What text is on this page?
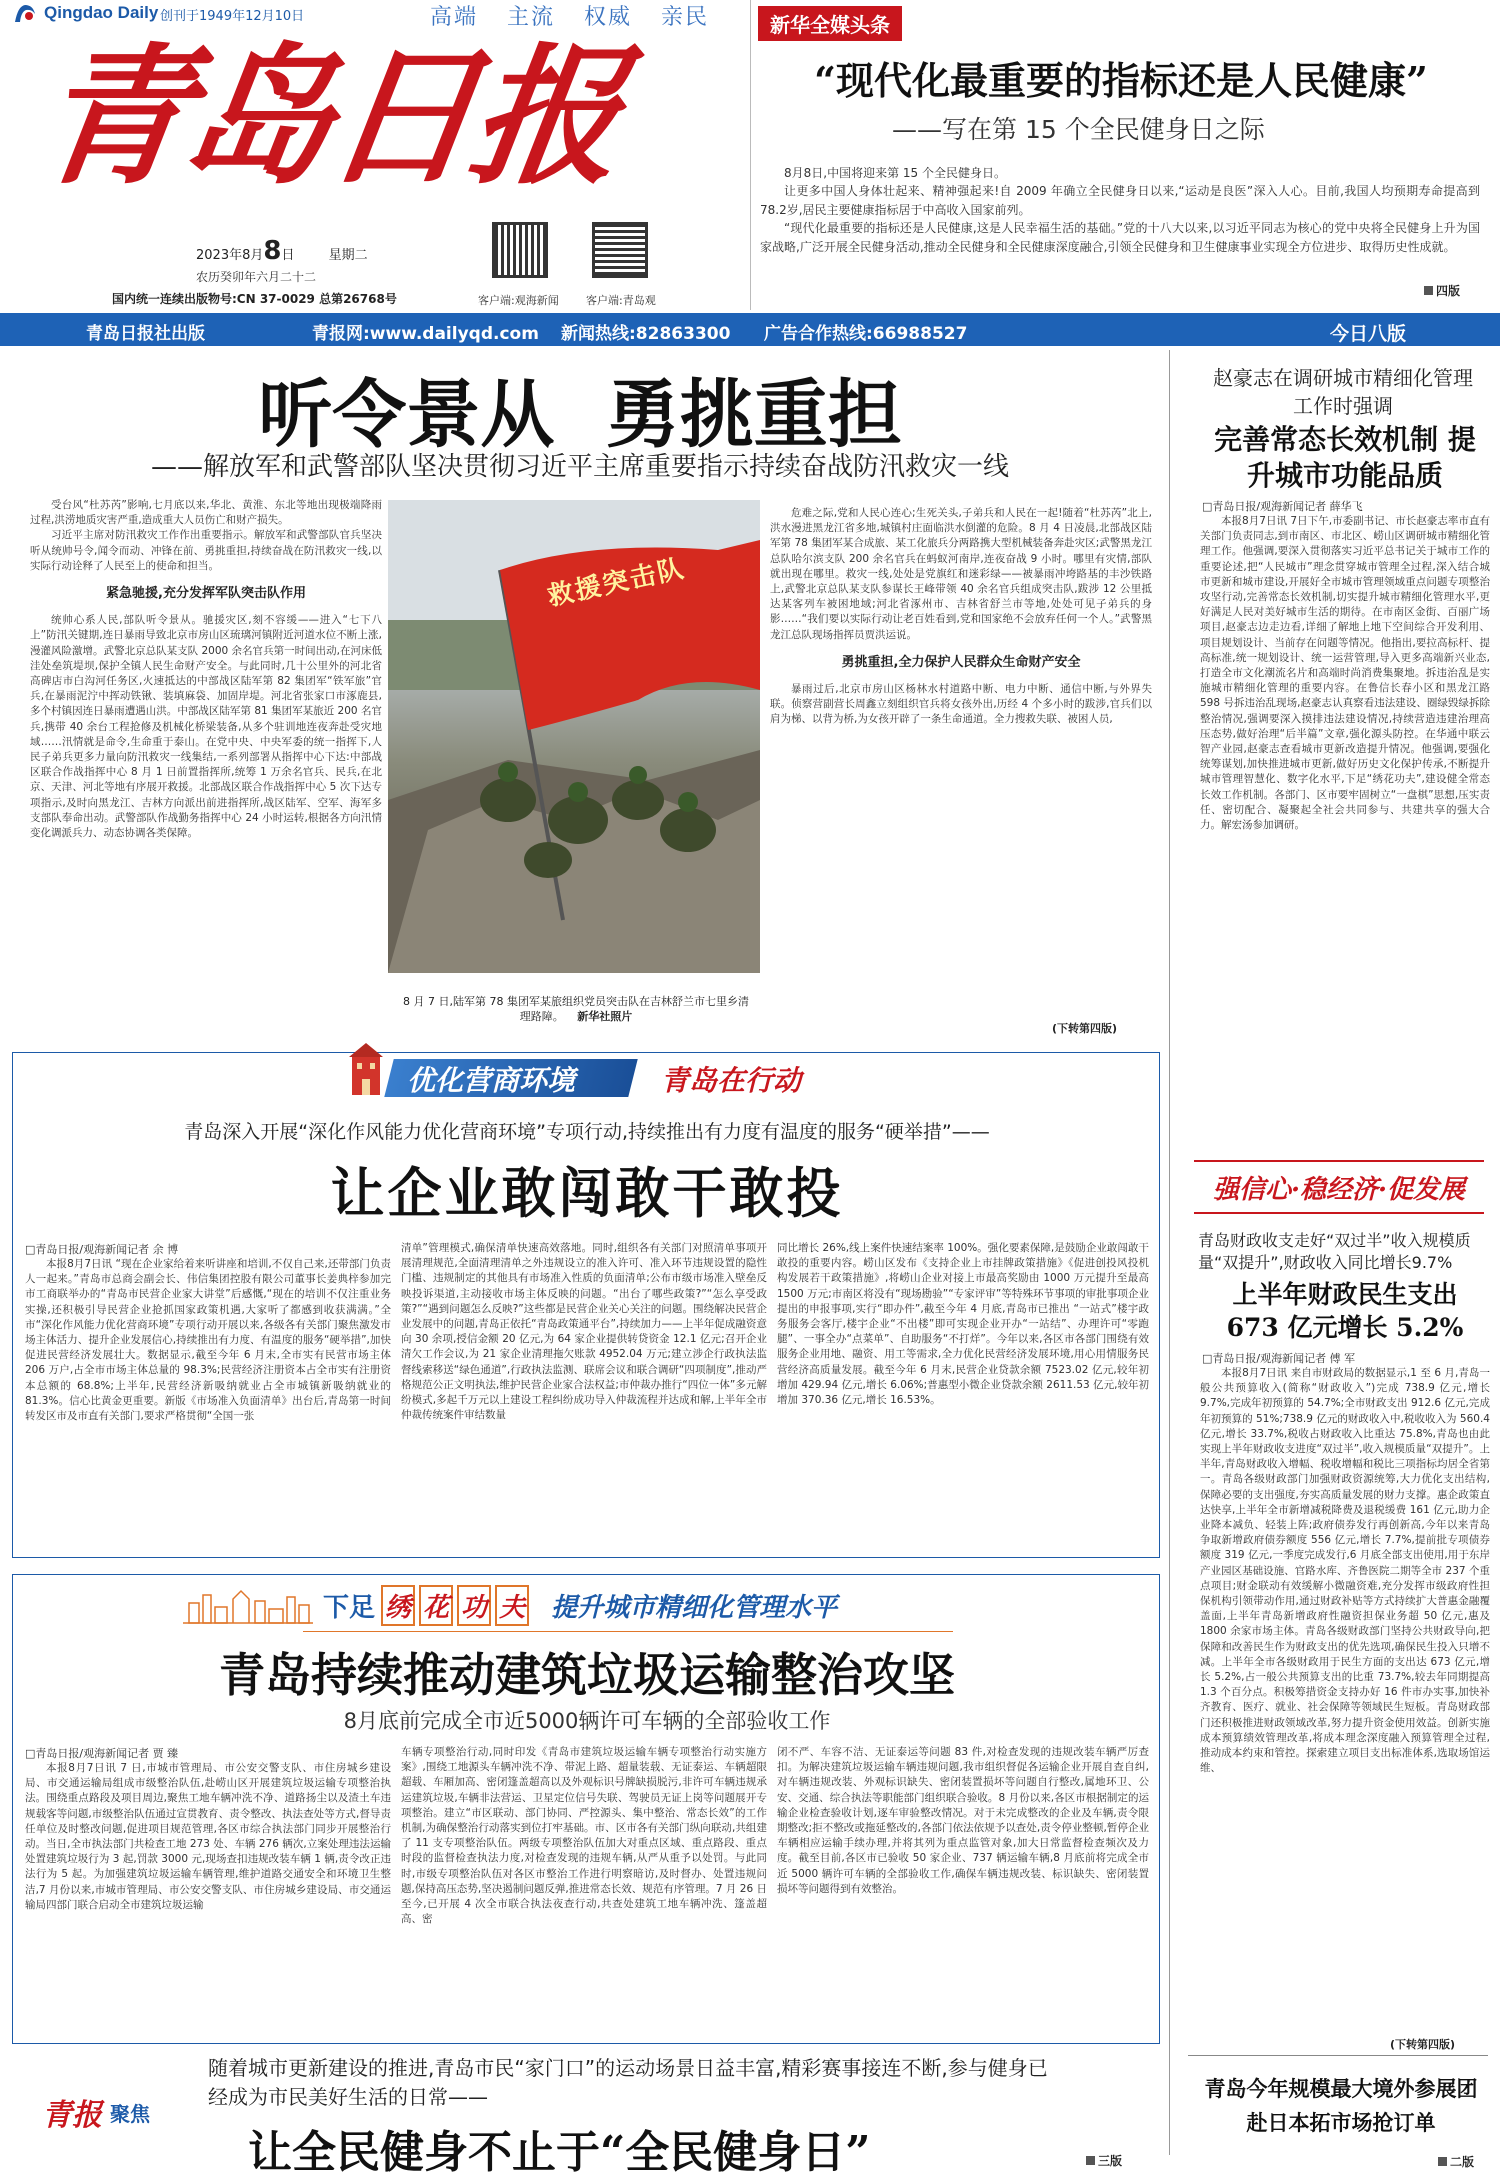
Qingdao Daily 创刊于1949年12月10日	高端 主流 权威 亲民
青岛日报
2023年8月8日	星期二
农历癸卯年六月二十二
国内统一连续出版物号:CN 37-0029 总第26768号	客户端:观海新闻 客户端:青岛观
新华全媒头条
“现代化最重要的指标还是人民健康”
——写在第 15 个全民健身日之际

8月8日,中国将迎来第 15 个全民健身日。

让更多中国人身体壮起来、精神强起来!自 2009 年确立全民健身日以来,“运动是良医”深入人心。目前,我国人均预期寿命提高到78.2岁,居民主要健康指标居于中高收入国家前列。

“现代化最重要的指标还是人民健康,这是人民幸福生活的基础。”党的十八大以来,以习近平同志为核心的党中央将全民健身上升为国家战略,广泛开展全民健身活动,推动全民健身和全民健康深度融合,引领全民健身和卫生健康事业实现全方位进步、取得历史性成就。

四版
青岛日报社出版	青报网:www.dailyqd.com 新闻热线:82863300 广告合作热线:66988527	今日八版
听令景从  勇挑重担
——解放军和武警部队坚决贯彻习近平主席重要指示持续奋战防汛救灾一线

受台风“杜苏芮”影响,七月底以来,华北、黄淮、东北等地出现极端降雨过程,洪涝地质灾害严重,造成重大人员伤亡和财产损失。

习近平主席对防汛救灾工作作出重要指示。解放军和武警部队官兵坚决听从统帅号令,闻令而动、冲锋在前、勇挑重担,持续奋战在防汛救灾一线,以实际行动诠释了人民至上的使命和担当。

紧急驰援,充分发挥军队突击队作用

统帅心系人民,部队听令景从。驰援灾区,刻不容缓——进入“七下八上”防汛关键期,连日暴雨导致北京市房山区琉璃河镇附近河道水位不断上涨,漫灌风险激增。武警北京总队某支队 2000 余名官兵第一时间出动,在河床低洼处垒筑堤坝,保护全镇人民生命财产安全。与此同时,几十公里外的河北省高碑店市白沟河任务区,火速抵达的中部战区陆军第 82 集团军“铁军旅”官兵,在暴雨泥泞中挥动铁锹、装填麻袋、加固岸堤。河北省张家口市涿鹿县,多个村镇因连日暴雨遭遇山洪。中部战区陆军第 81 集团军某旅近 200 名官兵,携带 40 余台工程抢修及机械化桥梁装备,从多个驻训地连夜奔赴受灾地域……汛情就是命令,生命重于泰山。在党中央、中央军委的统一指挥下,人民子弟兵更多力量向防汛救灾一线集结,一系列部署从指挥中心下达:中部战区联合作战指挥中心 8 月 1 日前置指挥所,统筹 1 万余名官兵、民兵,在北京、天津、河北等地有序展开救援。北部战区联合作战指挥中心 5 次下达专项指示,及时向黑龙江、吉林方向派出前进指挥所,战区陆军、空军、海军多支部队奉命出动。武警部队作战勤务指挥中心 24 小时运转,根据各方向汛情变化调派兵力、动态协调各类保障。

救援突击队
8 月 7 日,陆军第 78 集团军某旅组织党员突击队在吉林舒兰市七里乡清理路障。 新华社照片

危难之际,党和人民心连心;生死关头,子弟兵和人民在一起!随着“杜苏芮”北上,洪水漫进黑龙江省多地,城镇村庄面临洪水倒灌的危险。8 月 4 日凌晨,北部战区陆军第 78 集团军某合成旅、某工化旅兵分两路携大型机械装备奔赴灾区;武警黑龙江总队哈尔滨支队 200 余名官兵在蚂蚁河南岸,连夜奋战 9 小时。哪里有灾情,部队就出现在哪里。救灾一线,处处是党旗红和迷彩绿——被暴雨冲垮路基的丰沙铁路上,武警北京总队某支队参谋长王峰带领 40 余名官兵组成突击队,跋涉 12 公里抵达某客列车被困地域;河北省涿州市、吉林省舒兰市等地,处处可见子弟兵的身影……“我们要以实际行动让老百姓看到,党和国家绝不会放弃任何一个人。”武警黑龙江总队现场指挥员贾洪运说。

勇挑重担,全力保护人民群众生命财产安全

暴雨过后,北京市房山区杨林水村道路中断、电力中断、通信中断,与外界失联。侦察营副营长周鑫立刻组织官兵将女孩外出,历经 4 个多小时的跋涉,官兵们以肩为梯、以背为桥,为女孩开辟了一条生命通道。全力搜救失联、被困人员,

(下转第四版)
赵豪志在调研城市精细化管理工作时强调
完善常态长效机制 提升城市功能品质
□青岛日报/观海新闻记者 薛华飞
本报8月7日讯 7日下午,市委副书记、市长赵豪志率市直有关部门负责同志,到市南区、市北区、崂山区调研城市精细化管理工作。他强调,要深入贯彻落实习近平总书记关于城市工作的重要论述,把“人民城市”理念贯穿城市管理全过程,深入结合城市更新和城市建设,开展好全市城市管理领域重点问题专项整治攻坚行动,完善常态长效机制,切实提升城市精细化管理水平,更好满足人民对美好城市生活的期待。在市南区金街、百丽广场项目,赵豪志边走边看,详细了解地上地下空间综合开发利用、项目规划设计、当前存在问题等情况。他指出,要拉高标杆、提高标准,统一规划设计、统一运营管理,导入更多高端新兴业态,打造全市文化潮流名片和高端时尚消费集聚地。拆违治乱是实施城市精细化管理的重要内容。在鲁信长春小区和黑龙江路 598 号拆违治乱现场,赵豪志认真察看违法建设、圈绿毁绿拆除整治情况,强调要深入摸排违法建设情况,持续营造违建治理高压态势,做好治理“后半篇”文章,强化源头防控。在华通中联云智产业园,赵豪志查看城市更新改造提升情况。他强调,要强化统筹谋划,加快推进城市更新,做好历史文化保护传承,不断提升城市管理智慧化、数字化水平,下足“绣花功夫”,建设健全常态长效工作机制。各部门、区市要牢固树立“一盘棋”思想,压实责任、密切配合、凝聚起全社会共同参与、共建共享的强大合力。解宏汤参加调研。
强信心·稳经济·促发展
青岛财政收支走好“双过半”收入规模质量“双提升”,财政收入同比增长9.7%
上半年财政民生支出 673 亿元增长 5.2%
□青岛日报/观海新闻记者 傅 军
本报8月7日讯 来自市财政局的数据显示,1 至 6 月,青岛一般公共预算收入(简称“财政收入”)完成 738.9 亿元,增长 9.7%,完成年初预算的 54.7%;全市财政支出 912.6 亿元,完成年初预算的 51%;738.9 亿元的财政收入中,税收收入为 560.4 亿元,增长 33.7%,税收占财政收入比重达 75.8%,青岛也由此实现上半年财政收支进度“双过半”,收入规模质量“双提升”。上半年,青岛财政收入增幅、税收增幅和税比三项指标均居全省第一。青岛各级财政部门加强财政资源统筹,大力优化支出结构,保障必要的支出强度,夯实高质量发展的财力支撑。惠企政策直达快享,上半年全市新增减税降费及退税缓费 161 亿元,助力企业降本减负、轻装上阵;政府债券发行再创新高,今年以来青岛争取新增政府债券额度 556 亿元,增长 7.7%,提前批专项债券额度 319 亿元,一季度完成发行,6 月底全部支出使用,用于东岸产业园区基础设施、官路水库、齐鲁医院二期等全市 237 个重点项目;财金联动有效缓解小微融资难,充分发挥市级政府性担保机构引领带动作用,通过财政补贴等方式持续扩大普惠金融覆盖面,上半年青岛新增政府性融资担保业务超 50 亿元,惠及 1800 余家市场主体。青岛各级财政部门坚持公共财政导向,把保障和改善民生作为财政支出的优先选项,确保民生投入只增不减。上半年全市各级财政用于民生方面的支出达 673 亿元,增长 5.2%,占一般公共预算支出的比重 73.7%,较去年同期提高 1.3 个百分点。积极筹措资金支持办好 16 件市办实事,加快补齐教育、医疗、就业、社会保障等领域民生短板。青岛财政部门还积极推进财政领域改革,努力提升资金使用效益。创新实施成本预算绩效管理改革,将成本理念深度融入预算管理全过程,推动成本约束和管控。探索建立项目支出标准体系,选取场馆运维、
(下转第四版)
青岛今年规模最大境外参展团赴日本拓市场抢订单
二版
优化营商环境	青岛在行动
青岛深入开展“深化作风能力优化营商环境”专项行动,持续推出有力度有温度的服务“硬举措”——
让企业敢闯敢干敢投
□青岛日报/观海新闻记者 余 博
本报8月7日讯 “现在企业家给着来听讲座和培训,不仅自己来,还带部门负责人一起来。”青岛市总商会副会长、伟信集团控股有限公司董事长姜典梓参加完市工商联举办的“青岛市民营企业家大讲堂”后感慨,“现在的培训不仅注重业务实操,还积极引导民营企业抢抓国家政策机遇,大家听了都感到收获满满。”全市“深化作风能力优化营商环境”专项行动开展以来,各级各有关部门聚焦激发市场主体活力、提升企业发展信心,持续推出有力度、有温度的服务“硬举措”,加快促进民营经济发展壮大。数据显示,截至今年 6 月末,全市实有民营市场主体 206 万户,占全市市场主体总量的 98.3%;民营经济注册资本占全市实有注册资本总额的 68.8%;上半年,民营经济新吸纳就业占全市城镇新吸纳就业的 81.3%。信心比黄金更重要。新版《市场准入负面清单》出台后,青岛第一时间转发区市及市直有关部门,要求严格贯彻“全国一张
清单”管理模式,确保清单快速高效落地。同时,组织各有关部门对照清单事项开展清理规范,全面清理清单之外违规设立的准入许可、准入环节违规设置的隐性门槛、违规制定的其他具有市场准入性质的负面清单;公布市级市场准入壁垒反映投诉渠道,主动接收市场主体反映的问题。“出台了哪些政策?”“怎么享受政策?”“遇到问题怎么反映?”这些都是民营企业关心关注的问题。围绕解决民营企业发展中的问题,青岛正依托“青岛政策通平台”,持续加力——上半年促成融资意向 30 余项,授信金额 20 亿元,为 64 家企业提供转贷资金 12.1 亿元;召开企业清欠工作会议,为 21 家企业清理拖欠账款 4952.04 万元;建立涉企行政执法监督线索移送“绿色通道”,行政执法监测、联席会议和联合调研“四项制度”,推动严格规范公正文明执法,维护民营企业家合法权益;市仲裁办推行“四位一体”多元解纷模式,多起千万元以上建设工程纠纷成功导入仲裁流程并达成和解,上半年全市仲裁传统案件审结数量
同比增长 26%,线上案件快速结案率 100%。强化要素保障,是鼓励企业敢闯敢干敢投的重要内容。崂山区发布《支持企业上市挂牌政策措施》《促进创投风投机构发展若干政策措施》,将崂山企业对接上市最高奖励由 1000 万元提升至最高 1500 万元;市南区将没有“现场勘验”“专家评审”等特殊环节事项的审批事项企业提出的申报事项,实行“即办件”,截至今年 4 月底,青岛市已推出 “一站式”楼宇政务服务会客厅,楼宇企业“不出楼”即可实现企业开办“一站结”、办理许可“零跑腿”、一事全办“点菜单”、自助服务“不打烊”。今年以来,各区市各部门围绕有效服务企业用地、融资、用工等需求,全力优化民营经济发展环境,用心用情服务民营经济高质量发展。截至今年 6 月末,民营企业贷款余额 7523.02 亿元,较年初增加 429.94 亿元,增长 6.06%;普惠型小微企业贷款余额 2611.53 亿元,较年初增加 370.36 亿元,增长 16.53%。
下足 绣 花 功 夫 提升城市精细化管理水平
青岛持续推动建筑垃圾运输整治攻坚
8月底前完成全市近5000辆许可车辆的全部验收工作
□青岛日报/观海新闻记者 贾 臻
本报8月7日讯 7 日,市城市管理局、市公安交警支队、市住房城乡建设局、市交通运输局组成市级整治队伍,赴崂山区开展建筑垃圾运输专项整治执法。围绕重点路段及项目周边,聚焦工地车辆冲洗不净、道路扬尘以及渣土车违规载客等问题,市级整治队伍通过宣贯教育、责令整改、执法查处等方式,督导责任单位及时整改问题,促进项目规范管理,各区市综合执法部门同步开展整治行动。当日,全市执法部门共检查工地 273 处、车辆 276 辆次,立案处理违法运输处置建筑垃圾行为 3 起,罚款 3000 元,现场查扣违规改装车辆 1 辆,责令改正违法行为 5 起。为加强建筑垃圾运输车辆管理,维护道路交通安全和环境卫生整洁,7 月份以来,市城市管理局、市公安交警支队、市住房城乡建设局、市交通运输局四部门联合启动全市建筑垃圾运输
车辆专项整治行动,同时印发《青岛市建筑垃圾运输车辆专项整治行动实施方案》,围绕工地源头车辆冲洗不净、带泥上路、超量装载、无证泰运、车辆超限超载、车厢加高、密闭篷盖超高以及外观标识号牌缺损脱污,非许可车辆违规承运建筑垃圾,车辆非法营运、卫星定位信号失联、驾驶员无证上岗等问题展开专项整治。建立“市区联动、部门协同、严控源头、集中整治、常态长效”的工作机制,为确保整治行动落实到位打牢基础。市、区市各有关部门纵向联动,共组建了 11 支专项整治队伍。两级专项整治队伍加大对重点区域、重点路段、重点时段的监督检查执法力度,对检查发现的违规车辆,从严从重予以处罚。与此同时,市级专项整治队伍对各区市整治工作进行明察暗访,及时督办、处置违规问题,保持高压态势,坚决遏制问题反弹,推进常态长效、规范有序管理。7 月 26 日至今,已开展 4 次全市联合执法夜查行动,共查处建筑工地车辆冲洗、篷盖超高、密
闭不严、车容不洁、无证泰运等问题 83 件,对检查发现的违规改装车辆严厉查扣。为解决建筑垃圾运输车辆违规问题,我市组织督促各运输企业开展自查自纠,对车辆违规改装、外观标识缺失、密闭装置损坏等问题自行整改,属地环卫、公安、交通、综合执法等职能部门组织联合验收。8 月份以来,各区市根据制定的运输企业检查验收计划,逐车审验整改情况。对于未完成整改的企业及车辆,责令限期整改;拒不整改或拖延整改的,各部门依法依规予以查处,责令停业整顿,暂停企业车辆相应运输手续办理,并将其列为重点监管对象,加大日常监督检查频次及力度。截至目前,各区市已验收 50 家企业、737 辆运输车辆,8 月底前将完成全市近 5000 辆许可车辆的全部验收工作,确保车辆违规改装、标识缺失、密闭装置损坏等问题得到有效整治。
青报 聚焦
随着城市更新建设的推进,青岛市民“家门口”的运动场景日益丰富,精彩赛事接连不断,参与健身已经成为市民美好生活的日常——
让全民健身不止于“全民健身日”	三版
